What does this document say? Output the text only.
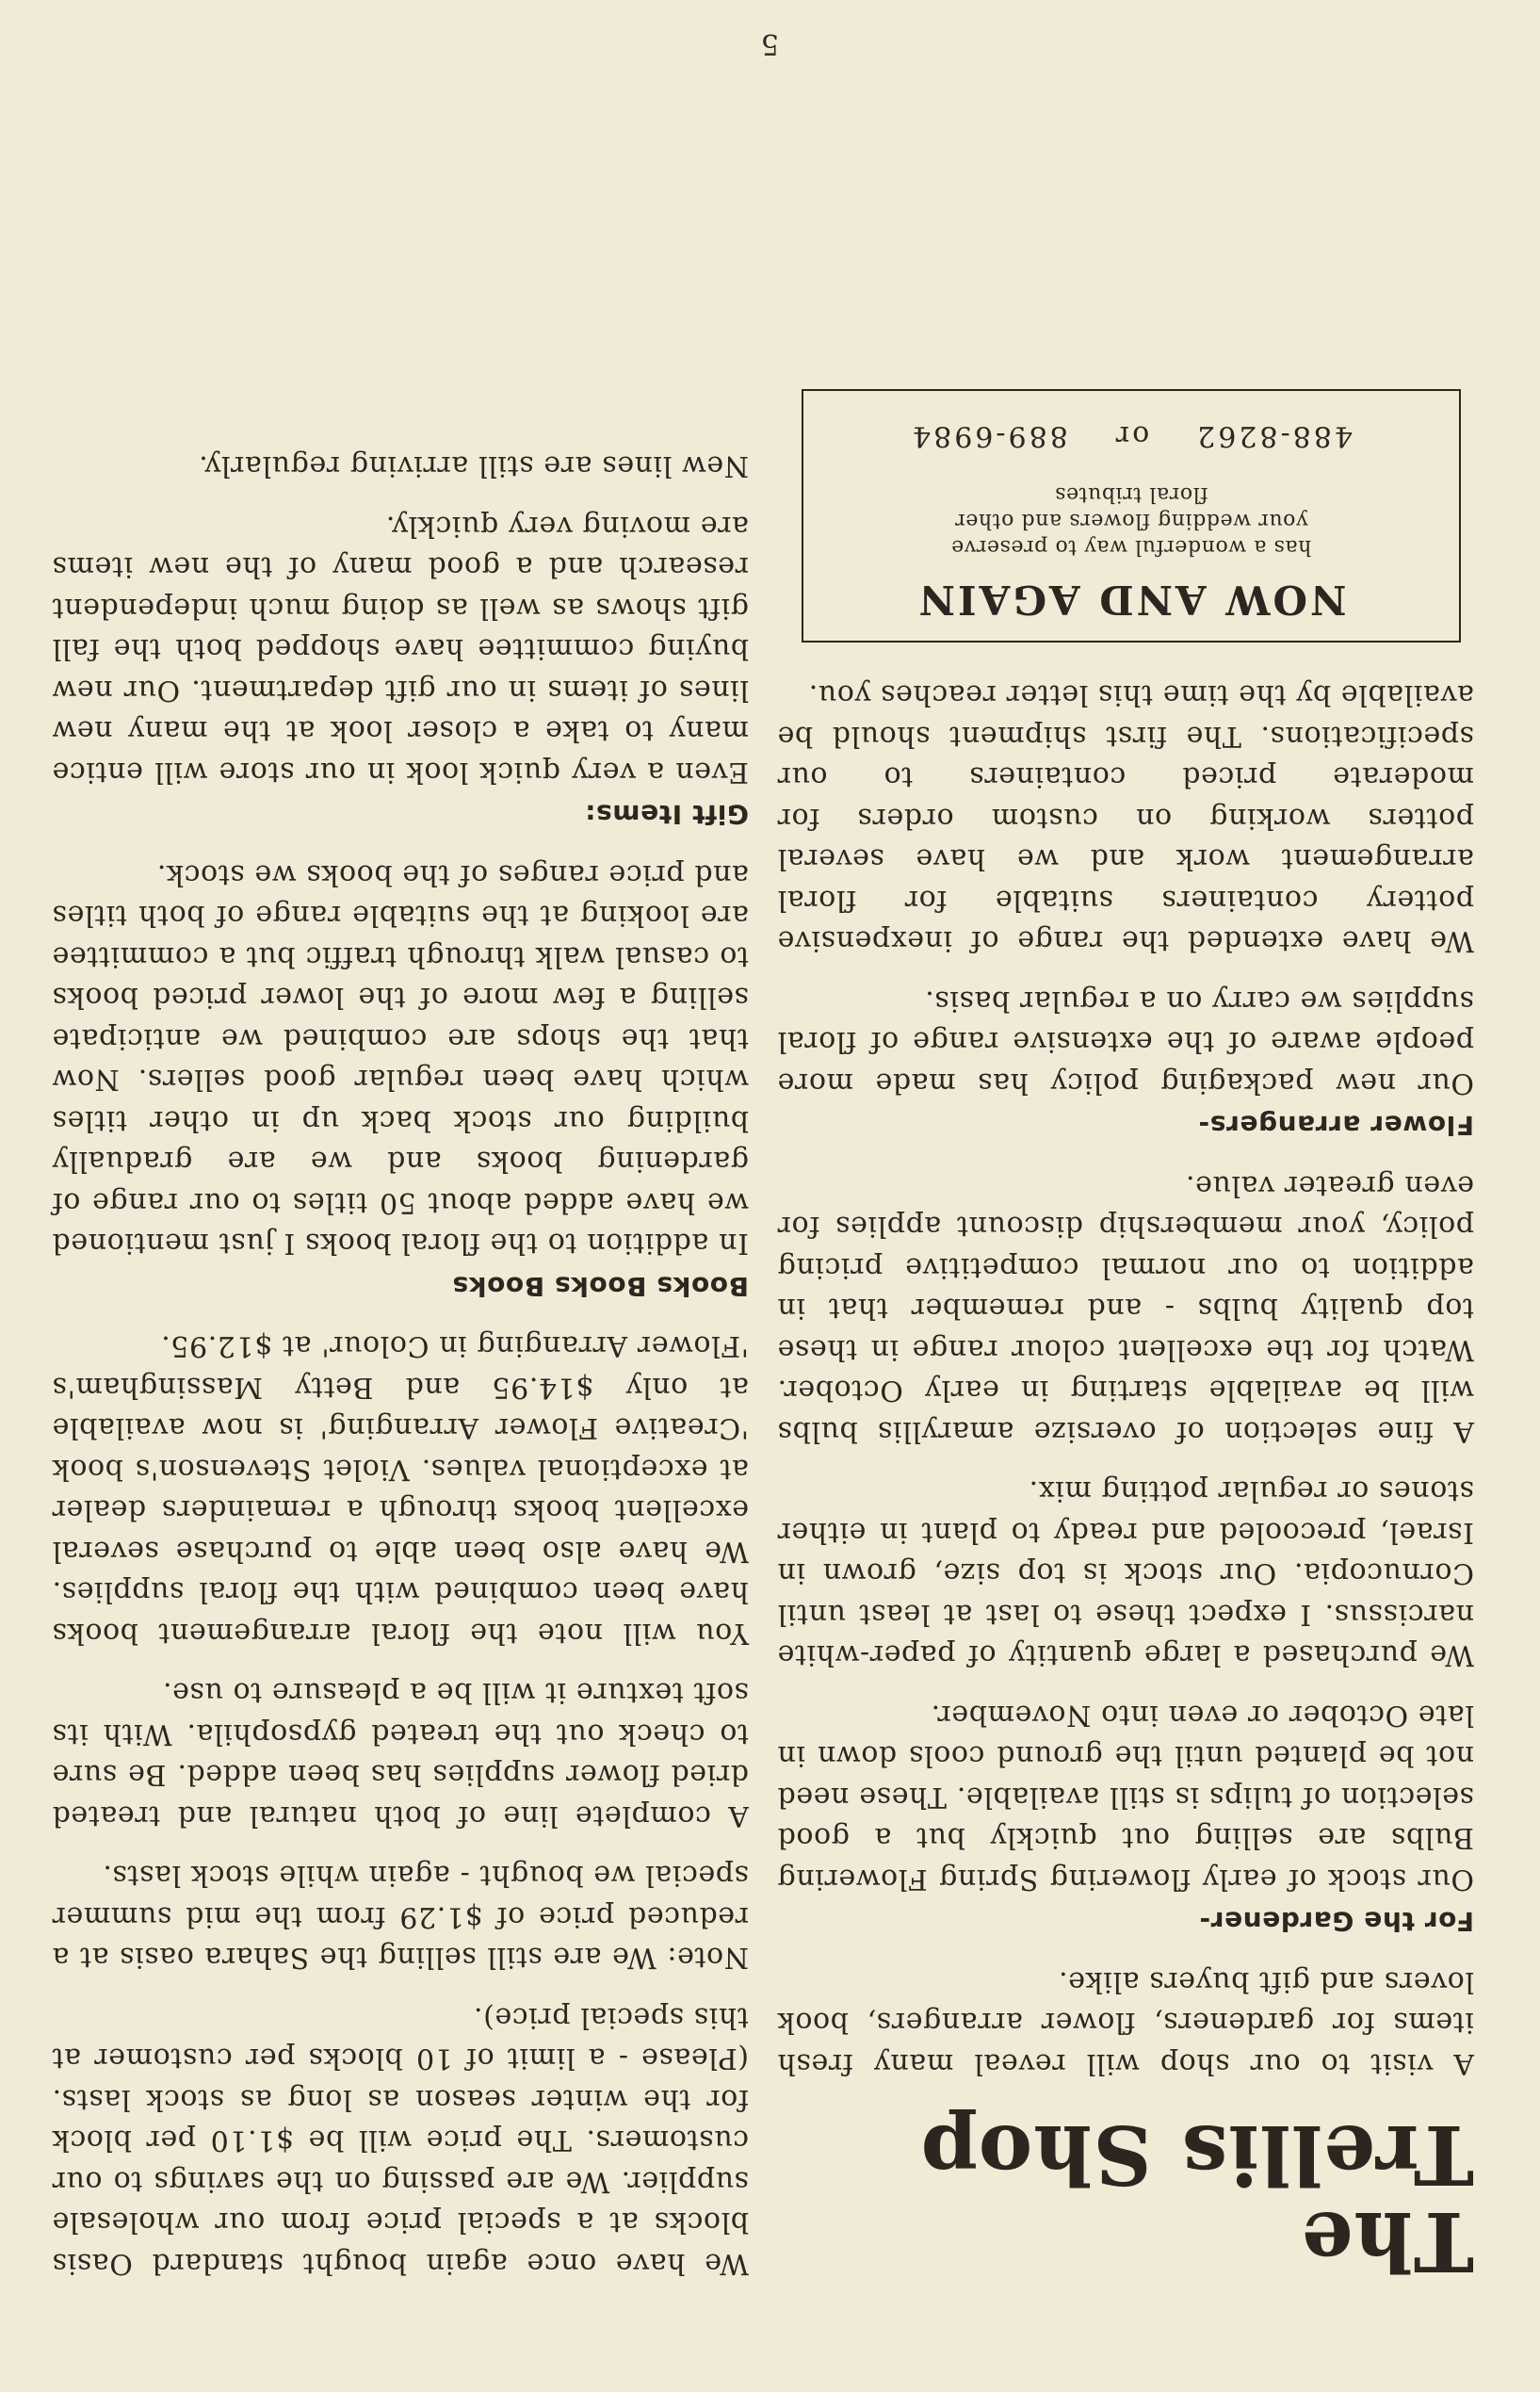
The
Trellis Shop
A visit to our shop will reveal many fresh items for gardeners, flower arrangers, book lovers and gift buyers alike.
For the Gardener-
Our stock of early flowering Spring Flowering Bulbs are selling out quickly but a good selection of tulips is still available. These need not be planted until the ground cools down in late October or even into November.
We purchased a large quantity of paper-white narcissus. I expect these to last at least until Cornucopia. Our stock is top size, grown in Israel, precooled and ready to plant in either stones or regular potting mix.
A fine selection of oversize amaryllis bulbs will be available starting in early October. Watch for the excellent colour range in these top quality bulbs - and remember that in addition to our normal competitive pricing policy, your membership discount applies for even greater value.
Flower arrangers-
Our new packaging policy has made more people aware of the extensive range of floral supplies we carry on a regular basis.
We have extended the range of inexpensive pottery containers suitable for floral arrangement work and we have several potters working on custom orders for moderate priced containers to our specifications. The first shipment should be available by the time this letter reaches you.
NOW AND AGAIN
has a wonderful way to preserve
your wedding flowers and other
floral tributes
488-8262or889-6984
We have once again bought standard Oasis blocks at a special price from our wholesale supplier. We are passing on the savings to our customers. The price will be $1.10 per block for the winter season as long as stock lasts. (Please - a limit of 10 blocks per customer at this special price).
Note: We are still selling the Sahara oasis at a reduced price of $1.29 from the mid summer special we bought - again while stock lasts.
A complete line of both natural and treated dried flower supplies has been added. Be sure to check out the treated gypsophila. With its soft texture it will be a pleasure to use.
You will note the floral arrangement books have been combined with the floral supplies. We have also been able to purchase several excellent books through a remainders dealer at exceptional values. Violet Stevenson's book 'Creative Flower Arranging' is now available at only $14.95 and Betty Massingham's 'Flower Arranging in Colour' at $12.95.
Books Books Books
In addition to the floral books I just mentioned we have added about 50 titles to our range of gardening books and we are gradually building our stock back up in other titles which have been regular good sellers. Now that the shops are combined we anticipate selling a few more of the lower priced books to casual walk through traffic but a committee are looking at the suitable range of both titles and price ranges of the books we stock.
Gift Items:
Even a very quick look in our store will entice many to take a closer look at the many new lines of items in our gift department. Our new buying committee have shopped both the fall gift shows as well as doing much independent research and a good many of the new items are moving very quickly.
New lines are still arriving regularly.
5
